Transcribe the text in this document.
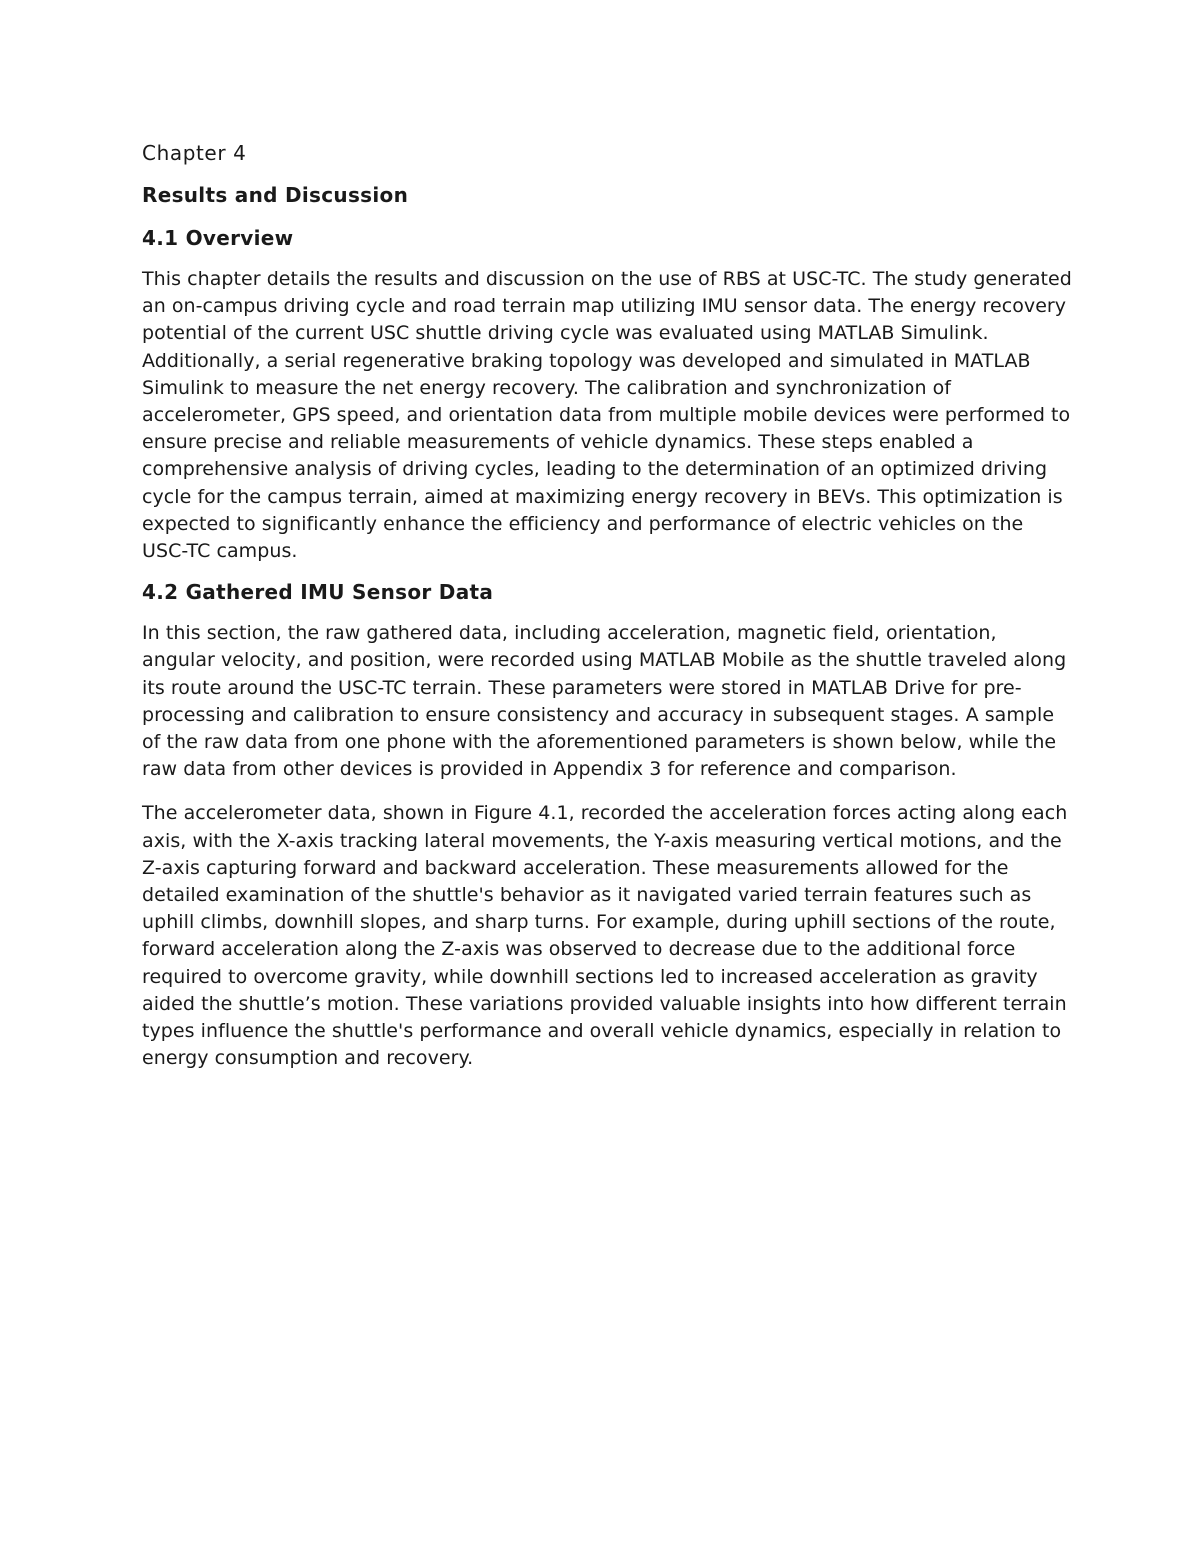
Chapter 4

Results and Discussion

4.1 Overview

This chapter details the results and discussion on the use of RBS at USC-TC. The study generated an on-campus driving cycle and road terrain map utilizing IMU sensor data. The energy recovery potential of the current USC shuttle driving cycle was evaluated using MATLAB Simulink. Additionally, a serial regenerative braking topology was developed and simulated in MATLAB Simulink to measure the net energy recovery. The calibration and synchronization of accelerometer, GPS speed, and orientation data from multiple mobile devices were performed to ensure precise and reliable measurements of vehicle dynamics. These steps enabled a comprehensive analysis of driving cycles, leading to the determination of an optimized driving cycle for the campus terrain, aimed at maximizing energy recovery in BEVs. This optimization is expected to significantly enhance the efficiency and performance of electric vehicles on the USC-TC campus.

4.2 Gathered IMU Sensor Data

In this section, the raw gathered data, including acceleration, magnetic field, orientation, angular velocity, and position, were recorded using MATLAB Mobile as the shuttle traveled along its route around the USC-TC terrain. These parameters were stored in MATLAB Drive for pre-processing and calibration to ensure consistency and accuracy in subsequent stages. A sample of the raw data from one phone with the aforementioned parameters is shown below, while the raw data from other devices is provided in Appendix 3 for reference and comparison.

The accelerometer data, shown in Figure 4.1, recorded the acceleration forces acting along each axis, with the X-axis tracking lateral movements, the Y-axis measuring vertical motions, and the Z-axis capturing forward and backward acceleration. These measurements allowed for the detailed examination of the shuttle's behavior as it navigated varied terrain features such as uphill climbs, downhill slopes, and sharp turns. For example, during uphill sections of the route, forward acceleration along the Z-axis was observed to decrease due to the additional force required to overcome gravity, while downhill sections led to increased acceleration as gravity aided the shuttle’s motion. These variations provided valuable insights into how different terrain types influence the shuttle's performance and overall vehicle dynamics, especially in relation to energy consumption and recovery.
